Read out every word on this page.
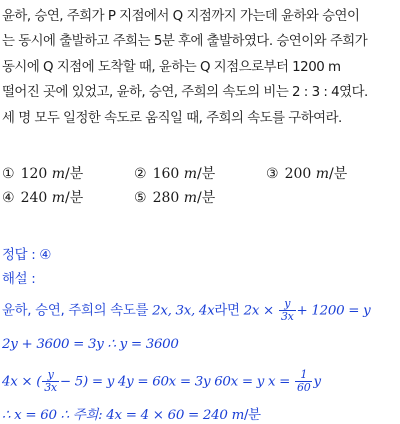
윤하, 승연, 주희가 P 지점에서 Q 지점까지 가는데 윤하와 승연이
는 동시에 출발하고 주희는 5분 후에 출발하였다. 승연이와 주희가
동시에 Q 지점에 도착할 때, 윤하는 Q 지점으로부터 1200 m
떨어진 곳에 있었고, 윤하, 승연, 주희의 속도의 비는 2 : 3 : 4였다.
세 명 모두 일정한 속도로 움직일 때, 주희의 속도를 구하여라.
① 120 m/분	② 160 m/분	③ 200 m/분
④ 240 m/분	⑤ 280 m/분
정답 : ④
해설 :
윤하, 승연, 주희의 속도를 2x, 3x, 4x라면 $2x \times \frac{y}{3x} + 1200 = y$
2y + 3600 = 3y ∴ y = 3600
4x × ( $\frac{y}{3x} - 5) = y$ 4y = 60x = 3y 60x = y $x = \frac{1}{60}$ y
∴ x = 60 ∴ 주희: 4x = 4 × 60 = 240 m/분
